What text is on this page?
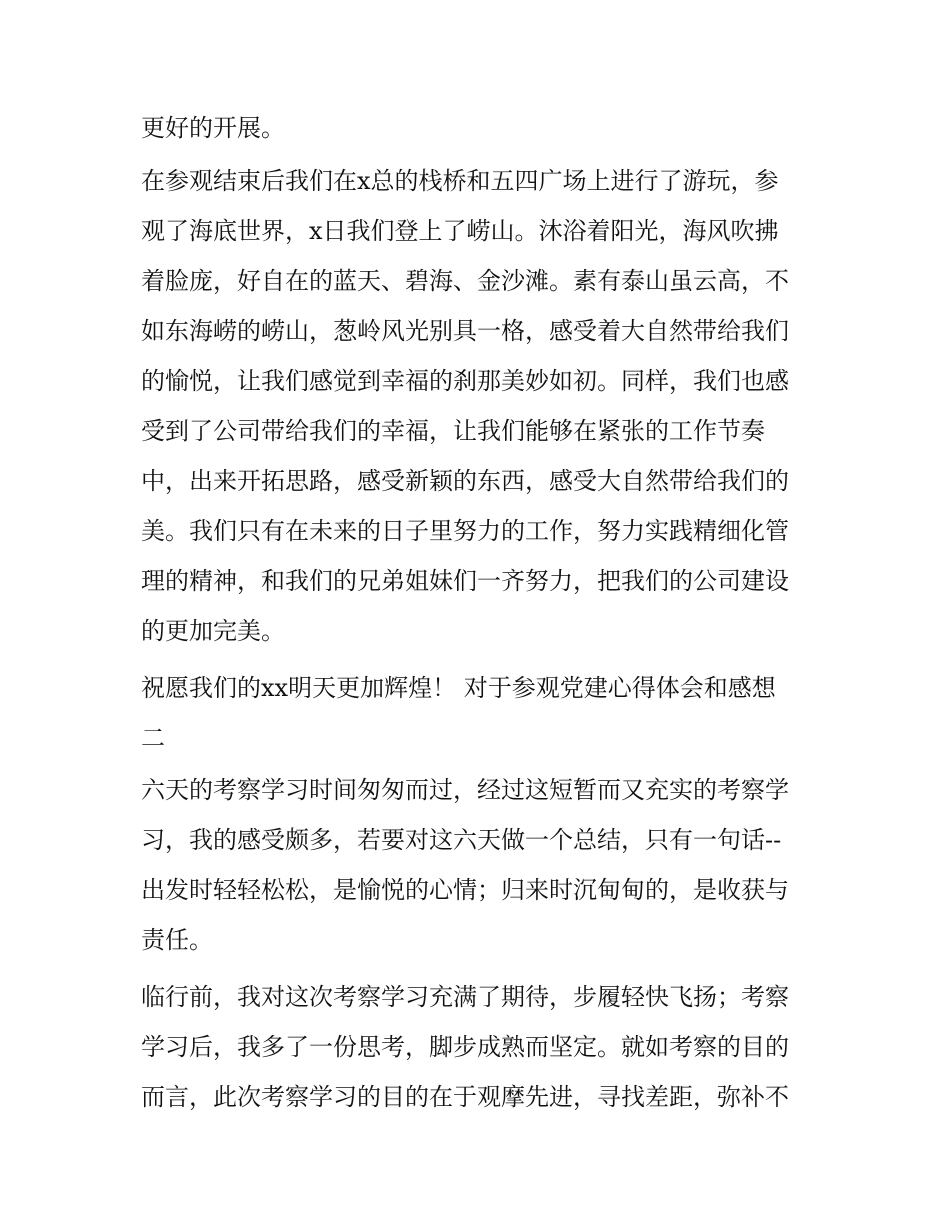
更好的开展。
在参观结束后我们在x总的栈桥和五四广场上进行了游玩，参
观了海底世界，x日我们登上了崂山。沐浴着阳光，海风吹拂
着脸庞，好自在的蓝天、碧海、金沙滩。素有泰山虽云高，不
如东海崂的崂山，葱岭风光别具一格，感受着大自然带给我们
的愉悦，让我们感觉到幸福的刹那美妙如初。同样，我们也感
受到了公司带给我们的幸福，让我们能够在紧张的工作节奏
中，出来开拓思路，感受新颖的东西，感受大自然带给我们的
美。我们只有在未来的日子里努力的工作，努力实践精细化管
理的精神，和我们的兄弟姐妹们一齐努力，把我们的公司建设
的更加完美。
祝愿我们的xx明天更加辉煌！ 对于参观党建心得体会和感想
二
六天的考察学习时间匆匆而过，经过这短暂而又充实的考察学
习，我的感受颇多，若要对这六天做一个总结，只有一句话--
出发时轻轻松松，是愉悦的心情；归来时沉甸甸的，是收获与
责任。
临行前，我对这次考察学习充满了期待，步履轻快飞扬；考察
学习后，我多了一份思考，脚步成熟而坚定。就如考察的目的
而言，此次考察学习的目的在于观摩先进，寻找差距，弥补不
